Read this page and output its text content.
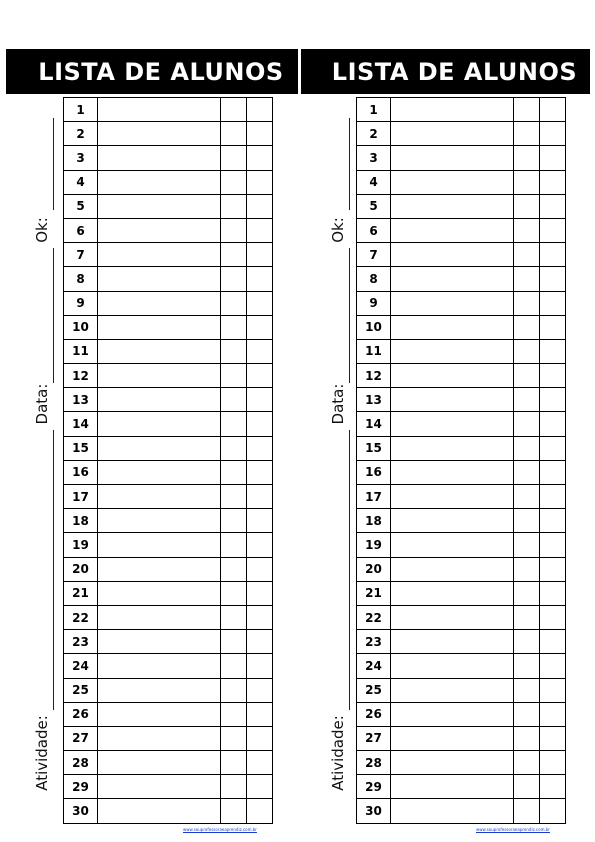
LISTA DE ALUNOS
Ok:
Data:
Atividade:
1			
2			
3			
4			
5			
6			
7			
8			
9			
10			
11			
12			
13			
14			
15			
16			
17			
18			
19			
20			
21			
22			
23			
24			
25			
26			
27			
28			
29			
30			
www.souprofessoraeaprendiz.com.br
LISTA DE ALUNOS
Ok:
Data:
Atividade:
1			
2			
3			
4			
5			
6			
7			
8			
9			
10			
11			
12			
13			
14			
15			
16			
17			
18			
19			
20			
21			
22			
23			
24			
25			
26			
27			
28			
29			
30			
www.souprofessoraeaprendiz.com.br
